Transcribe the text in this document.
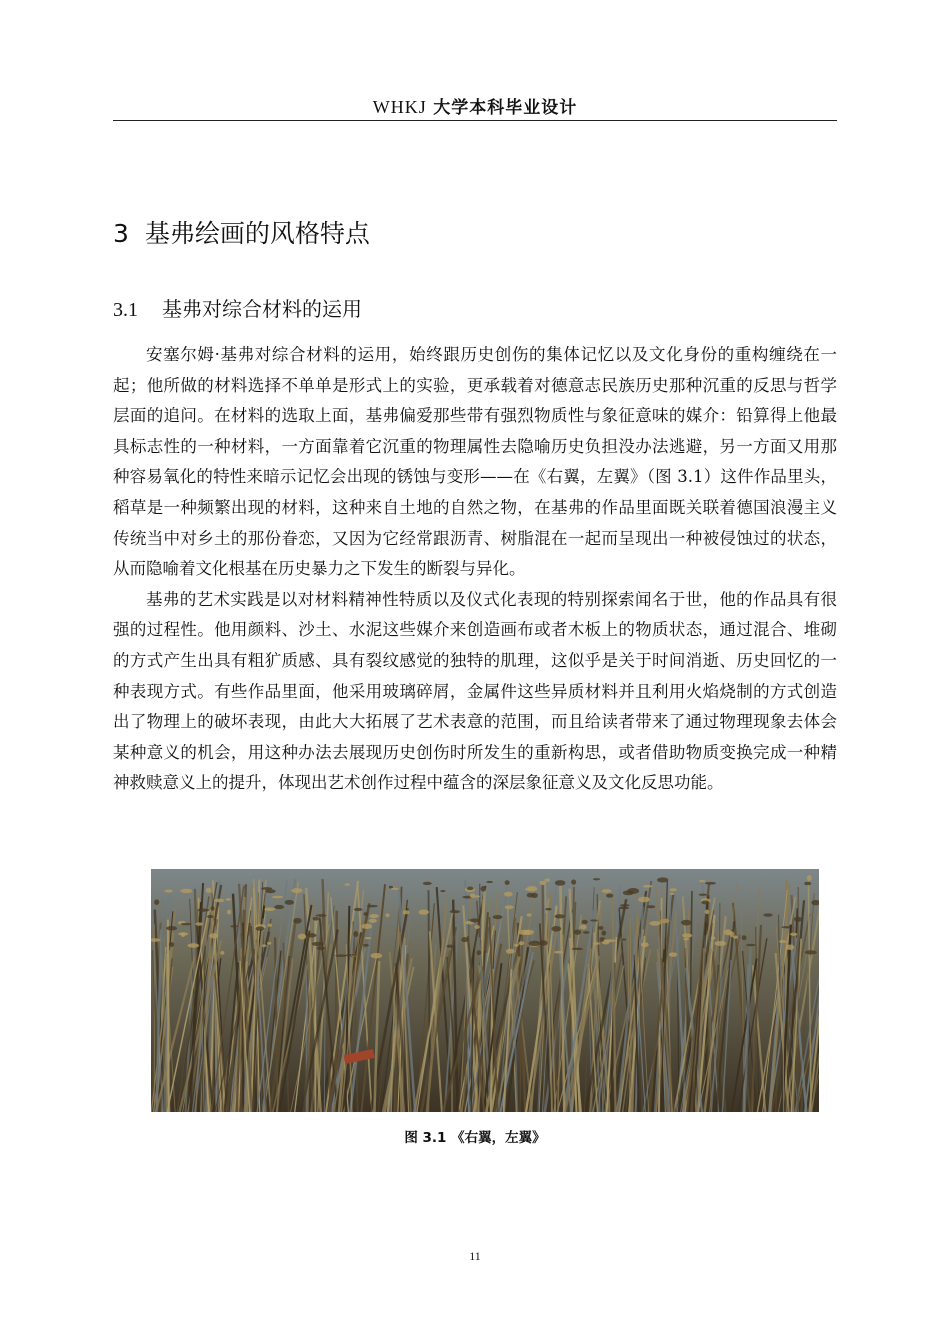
WHKJ 大学本科毕业设计
3 基弗绘画的风格特点
3.1 基弗对综合材料的运用

安塞尔姆·基弗对综合材料的运用，始终跟历史创伤的集体记忆以及文化身份的重构缠绕在一起；他所做的材料选择不单单是形式上的实验，更承载着对德意志民族历史那种沉重的反思与哲学层面的追问。在材料的选取上面，基弗偏爱那些带有强烈物质性与象征意味的媒介：铅算得上他最具标志性的一种材料，一方面靠着它沉重的物理属性去隐喻历史负担没办法逃避，另一方面又用那种容易氧化的特性来暗示记忆会出现的锈蚀与变形——在《右翼，左翼》（图 3.1）这件作品里头，稻草是一种频繁出现的材料，这种来自土地的自然之物，在基弗的作品里面既关联着德国浪漫主义传统当中对乡土的那份眷恋，又因为它经常跟沥青、树脂混在一起而呈现出一种被侵蚀过的状态，从而隐喻着文化根基在历史暴力之下发生的断裂与异化。

基弗的艺术实践是以对材料精神性特质以及仪式化表现的特别探索闻名于世，他的作品具有很强的过程性。他用颜料、沙土、水泥这些媒介来创造画布或者木板上的物质状态，通过混合、堆砌的方式产生出具有粗犷质感、具有裂纹感觉的独特的肌理，这似乎是关于时间消逝、历史回忆的一种表现方式。有些作品里面，他采用玻璃碎屑，金属件这些异质材料并且利用火焰烧制的方式创造出了物理上的破坏表现，由此大大拓展了艺术表意的范围，而且给读者带来了通过物理现象去体会某种意义的机会，用这种办法去展现历史创伤时所发生的重新构思，或者借助物质变换完成一种精神救赎意义上的提升，体现出艺术创作过程中蕴含的深层象征意义及文化反思功能。

图 3.1 《右翼，左翼》
11
